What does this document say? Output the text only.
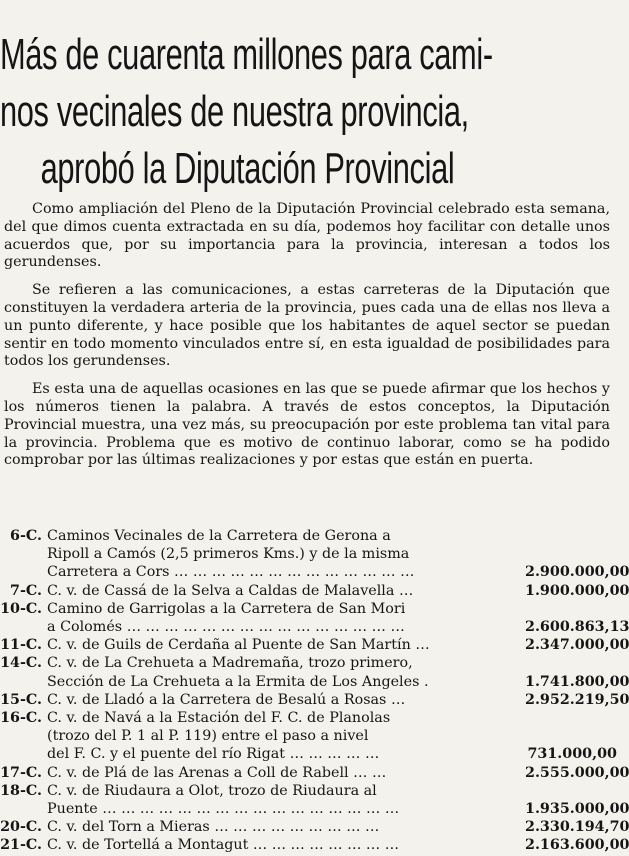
Más de cuarenta millones para cami-
nos vecinales de nuestra provincia,
aprobó la Diputación Provincial

Como ampliación del Pleno de la Diputación Provincial celebrado esta semana, del que dimos cuenta extractada en su día, podemos hoy facilitar con detalle unos acuerdos que, por su importancia para la provincia, interesan a todos los gerundenses.

Se refieren a las comunicaciones, a estas carreteras de la Diputación que constituyen la verdadera arteria de la provincia, pues cada una de ellas nos lleva a un punto diferente, y hace posible que los habitantes de aquel sector se puedan sentir en todo momento vinculados entre sí, en esta igualdad de posibilidades para todos los gerundenses.

Es esta una de aquellas ocasiones en las que se puede afirmar que los hechos y los números tienen la palabra. A través de estos conceptos, la Diputación Provincial muestra, una vez más, su preocupación por este problema tan vital para la provincia. Problema que es motivo de continuo laborar, como se ha podido comprobar por las últimas realizaciones y por estas que están en puerta.

6-C. Caminos Vecinales de la Carretera de Gerona a
Ripoll a Camós (2,5 primeros Kms.) y de la misma
Carretera a Cors … … … … … … … … … … … … …	2.900.000,00
7-C. C. v. de Cassá de la Selva a Caldas de Malavella …	1.900.000,00
10-C. Camino de Garrigolas a la Carretera de San Mori
a Colomés … … … … … … … … … … … … … … …	2.600.863,13
11-C. C. v. de Guils de Cerdaña al Puente de San Martín …	2.347.000,00
14-C. C. v. de La Crehueta a Madremaña, trozo primero,
Sección de La Crehueta a la Ermita de Los Angeles .	1.741.800,00
15-C. C. v. de Lladó a la Carretera de Besalú a Rosas …	2.952.219,50
16-C. C. v. de Navá a la Estación del F. C. de Planolas
(trozo del P. 1 al P. 119) entre el paso a nivel
del F. C. y el puente del río Rigat … … … … …	731.000,00
17-C. C. v. de Plá de las Arenas a Coll de Rabell … …	2.555.000,00
18-C. C. v. de Riudaura a Olot, trozo de Riudaura al
Puente … … … … … … … … … … … … … … … …	1.935.000,00
20-C. C. v. del Torn a Mieras … … … … … … … … …	2.330.194,70
21-C. C. v. de Tortellá a Montagut … … … … … … … …	2.163.600,00
